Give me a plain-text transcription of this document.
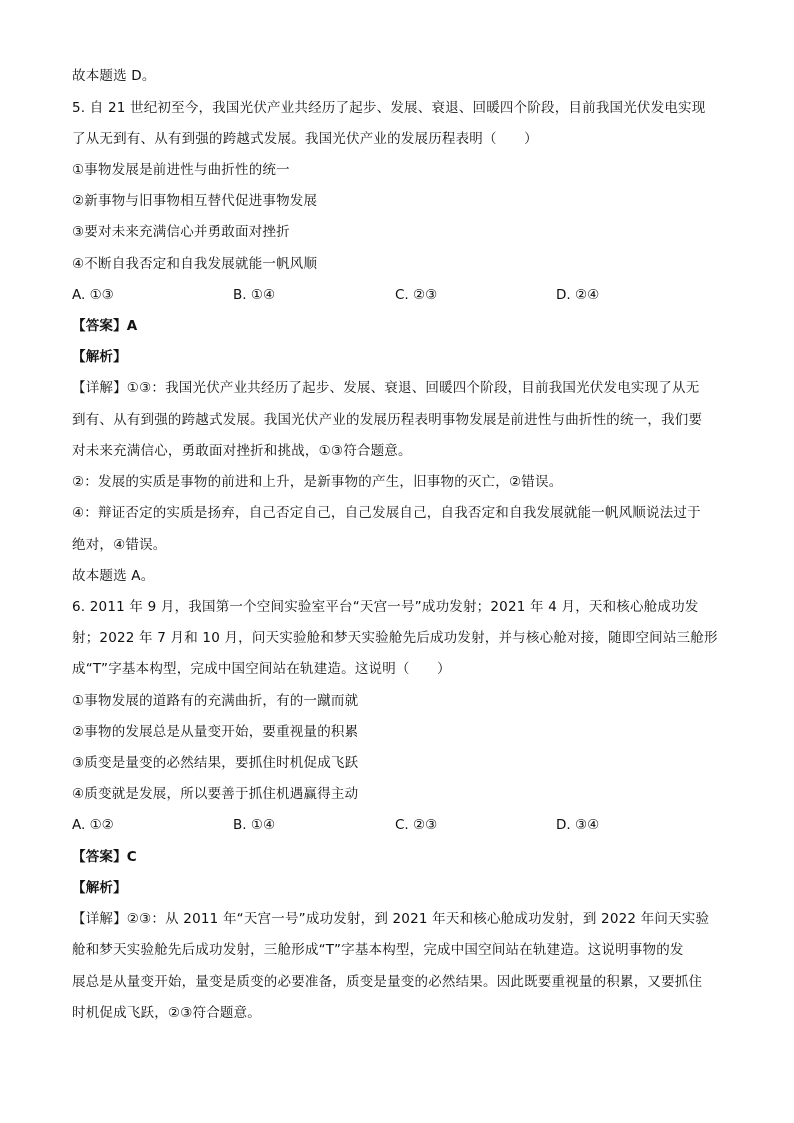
故本题选 D。
5. 自 21 世纪初至今，我国光伏产业共经历了起步、发展、衰退、回暖四个阶段，目前我国光伏发电实现
了从无到有、从有到强的跨越式发展。我国光伏产业的发展历程表明（　　）
①事物发展是前进性与曲折性的统一
②新事物与旧事物相互替代促进事物发展
③要对未来充满信心并勇敢面对挫折
④不断自我否定和自我发展就能一帆风顺
A. ①③	B. ①④	C. ②③	D. ②④
【答案】A
【解析】
【详解】①③：我国光伏产业共经历了起步、发展、衰退、回暖四个阶段，目前我国光伏发电实现了从无
到有、从有到强的跨越式发展。我国光伏产业的发展历程表明事物发展是前进性与曲折性的统一，我们要
对未来充满信心，勇敢面对挫折和挑战，①③符合题意。
②：发展的实质是事物的前进和上升，是新事物的产生，旧事物的灭亡，②错误。
④：辩证否定的实质是扬弃，自己否定自己，自己发展自己，自我否定和自我发展就能一帆风顺说法过于
绝对，④错误。
故本题选 A。
6. 2011 年 9 月，我国第一个空间实验室平台“天宫一号”成功发射；2021 年 4 月，天和核心舱成功发
射；2022 年 7 月和 10 月，问天实验舱和梦天实验舱先后成功发射，并与核心舱对接，随即空间站三舱形
成“T”字基本构型，完成中国空间站在轨建造。这说明（　　）
①事物发展的道路有的充满曲折，有的一蹴而就
②事物的发展总是从量变开始，要重视量的积累
③质变是量变的必然结果，要抓住时机促成飞跃
④质变就是发展，所以要善于抓住机遇赢得主动
A. ①②	B. ①④	C. ②③	D. ③④
【答案】C
【解析】
【详解】②③：从 2011 年“天宫一号”成功发射，到 2021 年天和核心舱成功发射，到 2022 年问天实验
舱和梦天实验舱先后成功发射，三舱形成“T”字基本构型，完成中国空间站在轨建造。这说明事物的发
展总是从量变开始，量变是质变的必要准备，质变是量变的必然结果。因此既要重视量的积累，又要抓住
时机促成飞跃，②③符合题意。
